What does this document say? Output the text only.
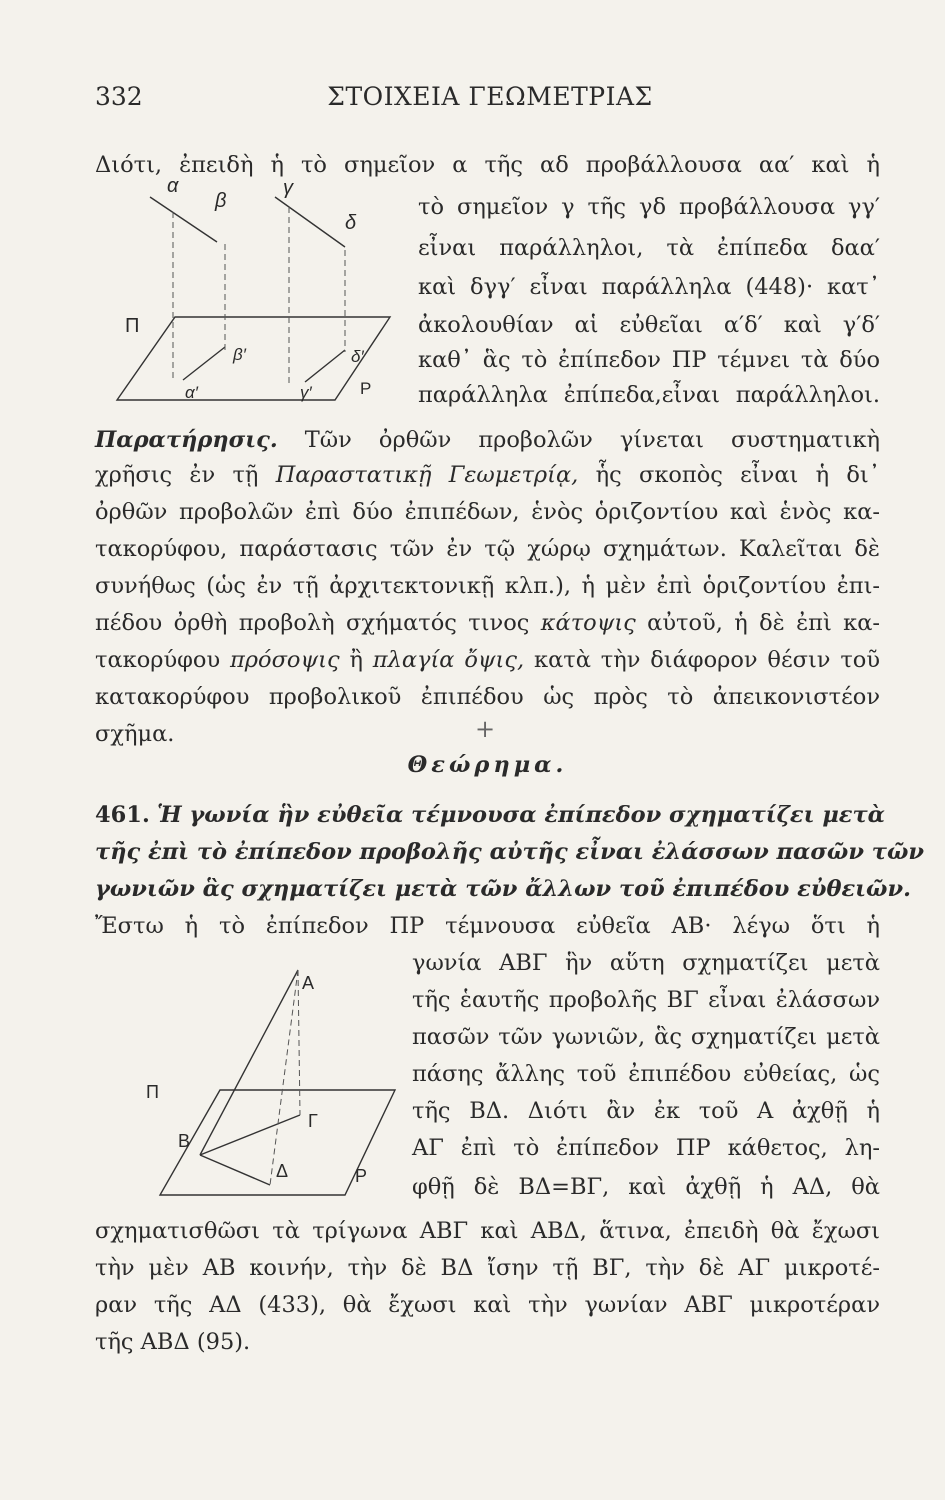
332	ΣΤΟΙΧΕΙΑ ΓΕΩΜΕΤΡΙΑΣ
Διότι, ἐπειδὴ ἡ τὸ σημεῖον α τῆς αδ προβάλλουσα αα′ καὶ ἡ
τὸ σημεῖον γ τῆς γδ προβάλλουσα γγ′
εἶναι παράλληλοι, τὰ ἐπίπεδα δαα′
καὶ δγγ′ εἶναι παράλληλα (448)· κατ᾽
ἀκολουθίαν αἱ εὐθεῖαι α′δ′ καὶ γ′δ′
καθ᾽ ἃς τὸ ἐπίπεδον ΠΡ τέμνει τὰ δύο
παράλληλα ἐπίπεδα,εἶναι παράλληλοι.
α
β
γ
δ
Π
β′	δ′
α′	γ′	Ρ
Παρατήρησις. Τῶν ὀρθῶν προβολῶν γίνεται συστηματικὴ
χρῆσις ἐν τῇ Παραστατικῇ Γεωμετρίᾳ, ἧς σκοπὸς εἶναι ἡ δι᾽
ὀρθῶν προβολῶν ἐπὶ δύο ἐπιπέδων, ἑνὸς ὁριζοντίου καὶ ἑνὸς κα-
τακορύφου, παράστασις τῶν ἐν τῷ χώρῳ σχημάτων. Καλεῖται δὲ
συνήθως (ὡς ἐν τῇ ἀρχιτεκτονικῇ κλπ.), ἡ μὲν ἐπὶ ὁριζοντίου ἐπι-
πέδου ὀρθὴ προβολὴ σχήματός τινος κάτοψις αὐτοῦ, ἡ δὲ ἐπὶ κα-
τακορύφου πρόσοψις ἢ πλαγία ὄψις, κατὰ τὴν διάφορον θέσιν τοῦ
κατακορύφου προβολικοῦ ἐπιπέδου ὡς πρὸς τὸ ἀπεικονιστέον
σχῆμα.	+
Θεώρημα.
461. Ἡ γωνία ἣν εὐθεῖα τέμνουσα ἐπίπεδον σχηματίζει μετὰ
τῆς ἐπὶ τὸ ἐπίπεδον προβολῆς αὐτῆς εἶναι ἐλάσσων πασῶν τῶν
γωνιῶν ἃς σχηματίζει μετὰ τῶν ἄλλων τοῦ ἐπιπέδου εὐθειῶν.
Ἔστω ἡ τὸ ἐπίπεδον ΠΡ τέμνουσα εὐθεῖα ΑΒ· λέγω ὅτι ἡ
γωνία ΑΒΓ ἣν αὕτη σχηματίζει μετὰ
τῆς ἑαυτῆς προβολῆς ΒΓ εἶναι ἐλάσσων
πασῶν τῶν γωνιῶν, ἃς σχηματίζει μετὰ
πάσης ἄλλης τοῦ ἐπιπέδου εὐθείας, ὡς
τῆς ΒΔ. Διότι ἂν ἐκ τοῦ Α ἀχθῇ ἡ
ΑΓ ἐπὶ τὸ ἐπίπεδον ΠΡ κάθετος, λη-
φθῇ δὲ ΒΔ=ΒΓ, καὶ ἀχθῇ ἡ ΑΔ, θὰ
σχηματισθῶσι τὰ τρίγωνα ΑΒΓ καὶ ΑΒΔ, ἅτινα, ἐπειδὴ θὰ ἔχωσι
τὴν μὲν ΑΒ κοινήν, τὴν δὲ ΒΔ ἴσην τῇ ΒΓ, τὴν δὲ ΑΓ μικροτέ-
ραν τῆς ΑΔ (433), θὰ ἔχωσι καὶ τὴν γωνίαν ΑΒΓ μικροτέραν
τῆς ΑΒΔ (95).
Α
Π
Γ
Β
Δ	Ρ
